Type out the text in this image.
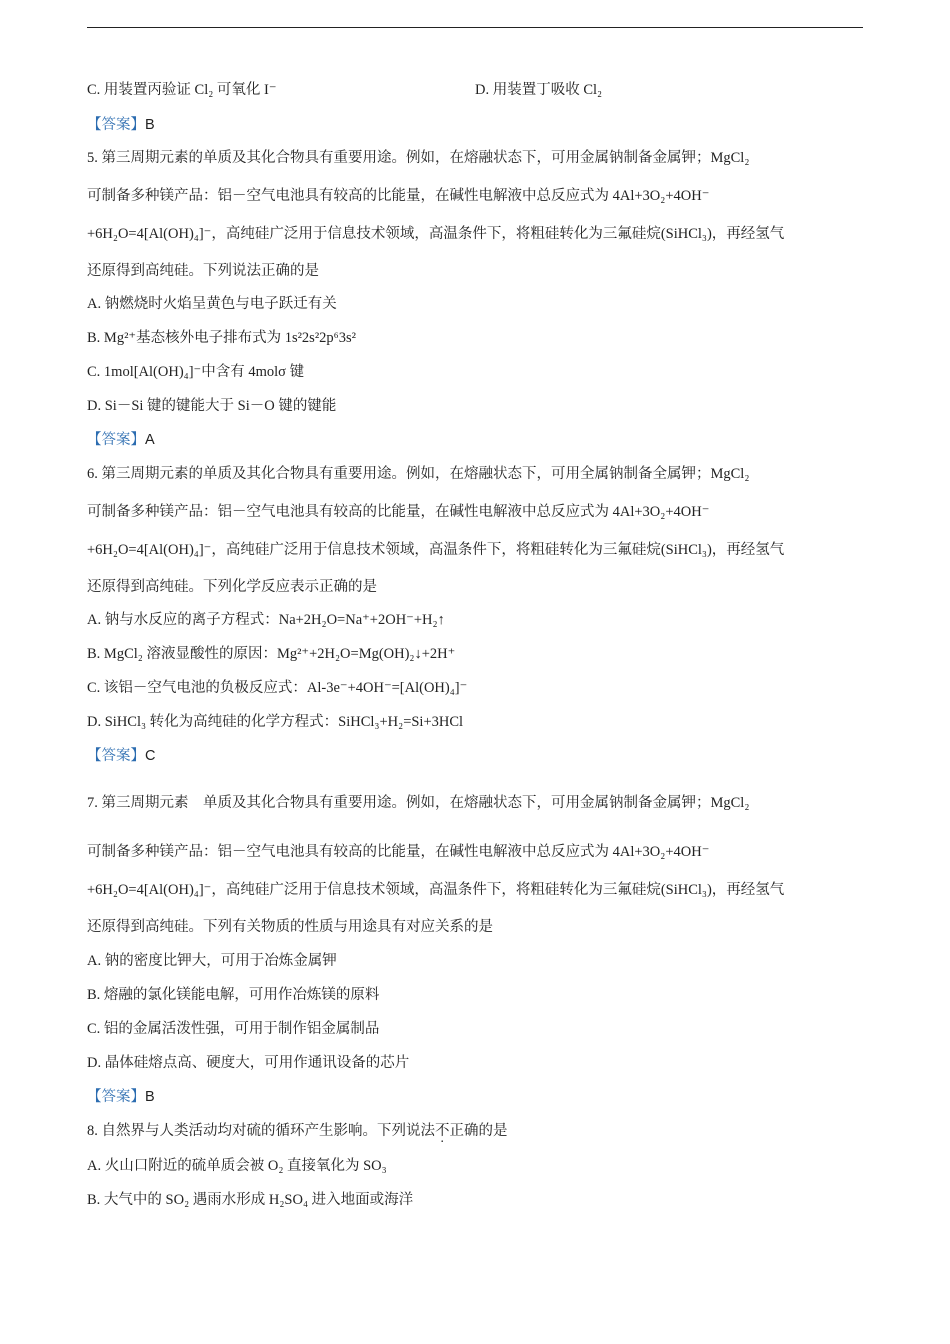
C. 用装置丙验证 Cl₂ 可氧化 I⁻	D. 用装置丁吸收 Cl₂
【答案】B
5. 第三周期元素的单质及其化合物具有重要用途。例如，在熔融状态下，可用金属钠制备金属钾；MgCl₂
可制备多种镁产品：铝－空气电池具有较高的比能量，在碱性电解液中总反应式为 4Al+3O₂+4OH⁻
+6H₂O=4[Al(OH)₄]⁻，高纯硅广泛用于信息技术领域，高温条件下，将粗硅转化为三氟硅烷(SiHCl₃)，再经氢气
还原得到高纯硅。下列说法正确的是
A. 钠燃烧时火焰呈黄色与电子跃迁有关
B. Mg²⁺基态核外电子排布式为 1s²2s²2p⁶3s²
C. 1mol[Al(OH)₄]⁻中含有 4molσ 键
D. Si－Si 键的键能大于 Si－O 键的键能
【答案】A
6. 第三周期元素的单质及其化合物具有重要用途。例如，在熔融状态下，可用全属钠制备全属钾；MgCl₂
可制备多种镁产品：铝－空气电池具有较高的比能量，在碱性电解液中总反应式为 4Al+3O₂+4OH⁻
+6H₂O=4[Al(OH)₄]⁻，高纯硅广泛用于信息技术领域，高温条件下，将粗硅转化为三氟硅烷(SiHCl₃)，再经氢气
还原得到高纯硅。下列化学反应表示正确的是
A. 钠与水反应的离子方程式：Na+2H₂O=Na⁺+2OH⁻+H₂↑
B. MgCl₂ 溶液显酸性的原因：Mg²⁺+2H₂O=Mg(OH)₂↓+2H⁺
C. 该铝－空气电池的负极反应式：Al-3e⁻+4OH⁻=[Al(OH)₄]⁻
D. SiHCl₃ 转化为高纯硅的化学方程式：SiHCl₃+H₂=Si+3HCl
【答案】C
7. 第三周期元素　单质及其化合物具有重要用途。例如，在熔融状态下，可用金属钠制备金属钾；MgCl₂
可制备多种镁产品：铝－空气电池具有较高的比能量，在碱性电解液中总反应式为 4Al+3O₂+4OH⁻
+6H₂O=4[Al(OH)₄]⁻，高纯硅广泛用于信息技术领域，高温条件下，将粗硅转化为三氟硅烷(SiHCl₃)，再经氢气
还原得到高纯硅。下列有关物质的性质与用途具有对应关系的是
A. 钠的密度比钾大，可用于冶炼金属钾
B. 熔融的氯化镁能电解，可用作冶炼镁的原料
C. 铝的金属活泼性强，可用于制作铝金属制品
D. 晶体硅熔点高、硬度大，可用作通讯设备的芯片
【答案】B
8. 自然界与人类活动均对硫的循环产生影响。下列说法不正确的是
A. 火山口附近的硫单质会被 O₂ 直接氧化为 SO₃
B. 大气中的 SO₂ 遇雨水形成 H₂SO₄ 进入地面或海洋
